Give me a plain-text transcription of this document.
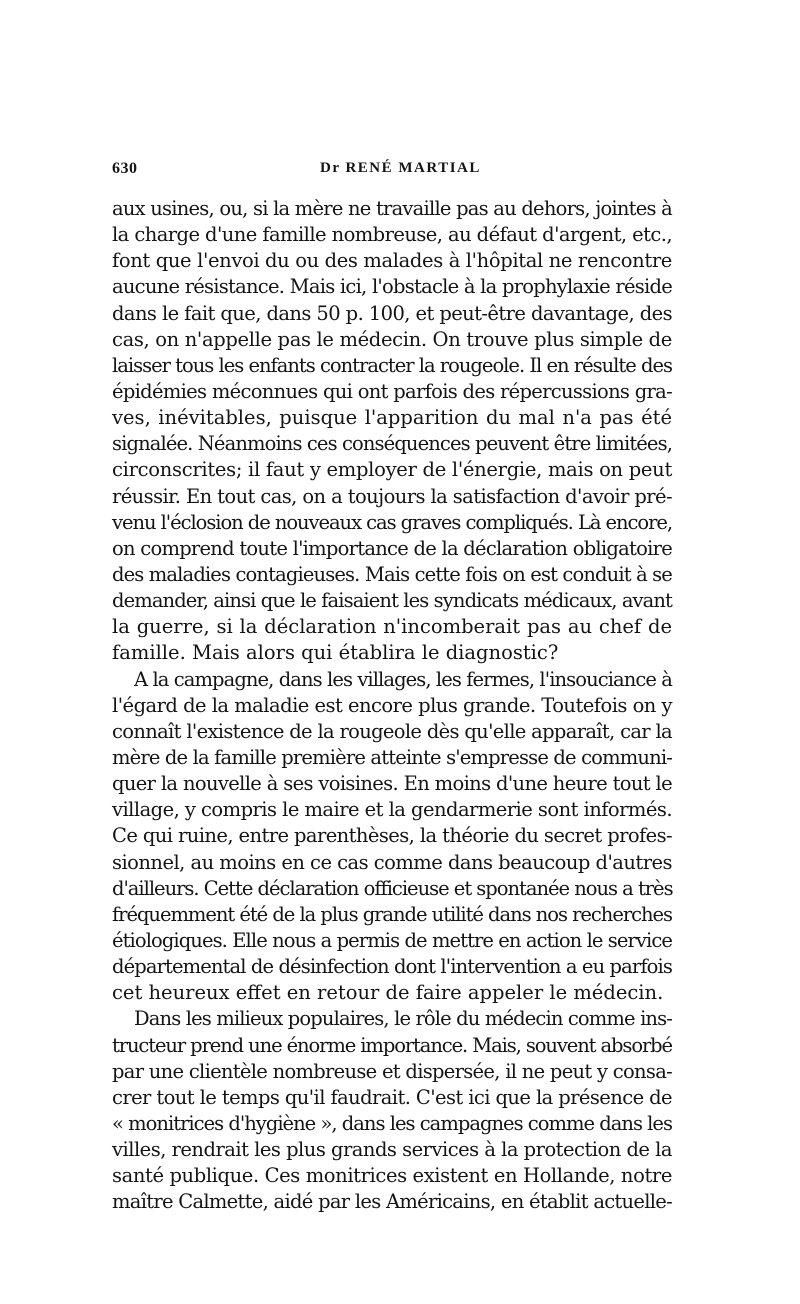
630	Dr RENÉ MARTIAL
aux usines, ou, si la mère ne travaille pas au dehors, jointes à
la charge d'une famille nombreuse, au défaut d'argent, etc.,
font que l'envoi du ou des malades à l'hôpital ne rencontre
aucune résistance. Mais ici, l'obstacle à la prophylaxie réside
dans le fait que, dans 50 p. 100, et peut-être davantage, des
cas, on n'appelle pas le médecin. On trouve plus simple de
laisser tous les enfants contracter la rougeole. Il en résulte des
épidémies méconnues qui ont parfois des répercussions gra-
ves, inévitables, puisque l'apparition du mal n'a pas été
signalée. Néanmoins ces conséquences peuvent être limitées,
circonscrites; il faut y employer de l'énergie, mais on peut
réussir. En tout cas, on a toujours la satisfaction d'avoir pré-
venu l'éclosion de nouveaux cas graves compliqués. Là encore,
on comprend toute l'importance de la déclaration obligatoire
des maladies contagieuses. Mais cette fois on est conduit à se
demander, ainsi que le faisaient les syndicats médicaux, avant
la guerre, si la déclaration n'incomberait pas au chef de
famille. Mais alors qui établira le diagnostic?
A la campagne, dans les villages, les fermes, l'insouciance à
l'égard de la maladie est encore plus grande. Toutefois on y
connaît l'existence de la rougeole dès qu'elle apparaît, car la
mère de la famille première atteinte s'empresse de communi-
quer la nouvelle à ses voisines. En moins d'une heure tout le
village, y compris le maire et la gendarmerie sont informés.
Ce qui ruine, entre parenthèses, la théorie du secret profes-
sionnel, au moins en ce cas comme dans beaucoup d'autres
d'ailleurs. Cette déclaration officieuse et spontanée nous a très
fréquemment été de la plus grande utilité dans nos recherches
étiologiques. Elle nous a permis de mettre en action le service
départemental de désinfection dont l'intervention a eu parfois
cet heureux effet en retour de faire appeler le médecin.
Dans les milieux populaires, le rôle du médecin comme ins-
tructeur prend une énorme importance. Mais, souvent absorbé
par une clientèle nombreuse et dispersée, il ne peut y consa-
crer tout le temps qu'il faudrait. C'est ici que la présence de
« monitrices d'hygiène », dans les campagnes comme dans les
villes, rendrait les plus grands services à la protection de la
santé publique. Ces monitrices existent en Hollande, notre
maître Calmette, aidé par les Américains, en établit actuelle-
